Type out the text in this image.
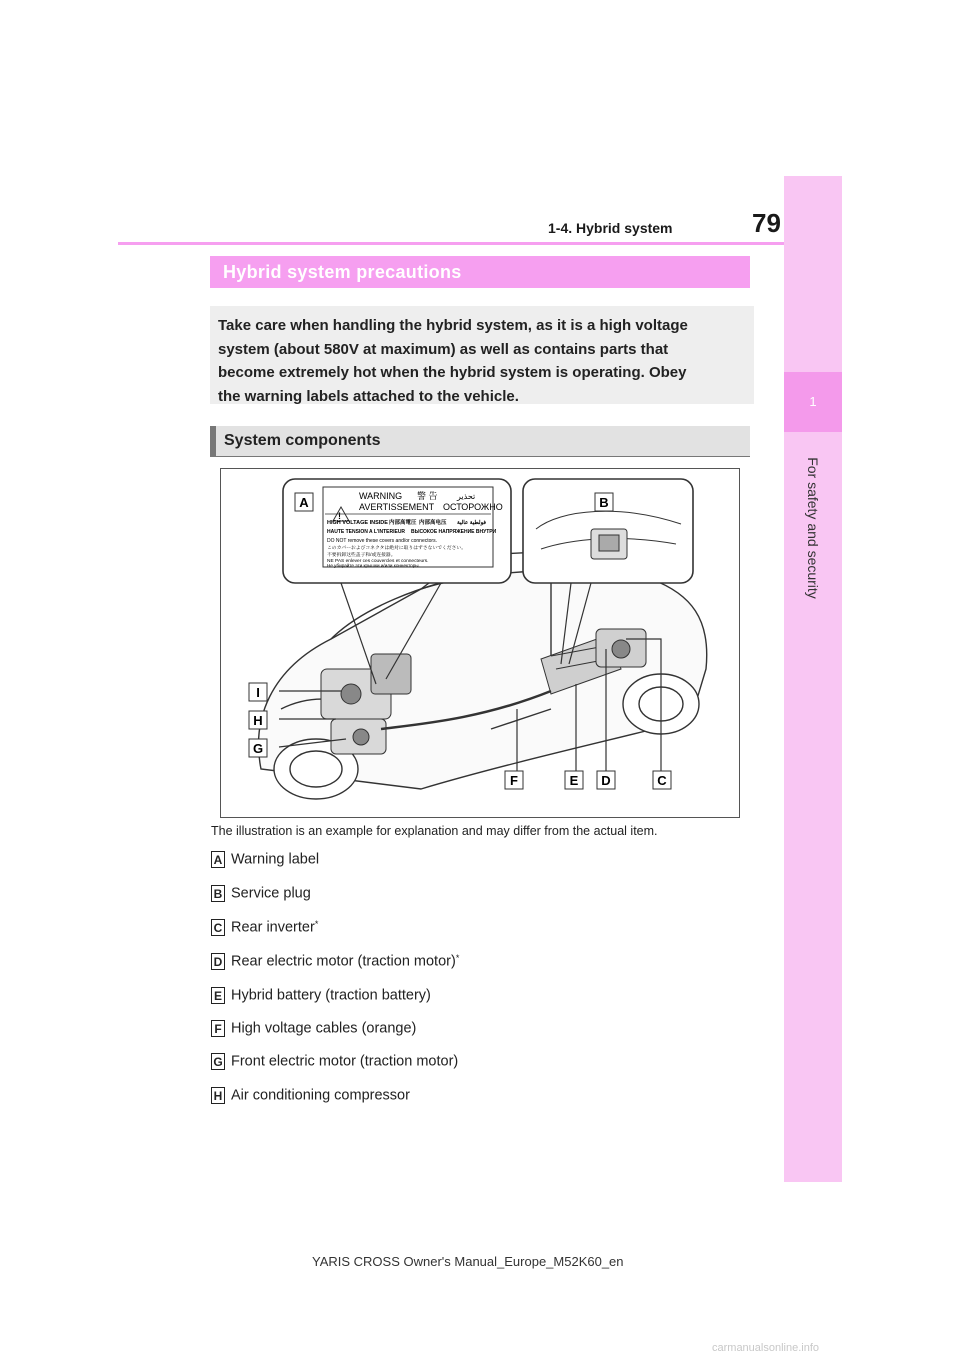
79
1-4. Hybrid system
1
For safety and security
Hybrid system precautions
Take care when handling the hybrid system, as it is a high voltage
system (about 580V at maximum) as well as contains parts that
become extremely hot when the hybrid system is operating. Obey
the warning labels attached to the vehicle.
System components
!
WARNING 警 告 تحذير
AVERTISSEMENT ОСТОРОЖНО
HIGH VOLTAGE INSIDE 内部高電圧 内部高电压 فولطية عالية
HAUTE TENSION A L'INTERIEUR ВЫСОКОЕ НАПРЯЖЕНИЕ ВНУТРИ
DO NOT remove these covers and/or connectors.
このカバーおよびコネクタは絶対に取りはずさないでください。
不要拆卸这些盖子和/或连接器。
NE PAS enlever ces couvercles et connecteurs.
Не убирайте эти крышки и/или коннекторы.
A	B
I
H
G
F	E D	C
The illustration is an example for explanation and may differ from the actual item.
A Warning label
B Service plug
C Rear inverter*
D Rear electric motor (traction motor)*
E Hybrid battery (traction battery)
F High voltage cables (orange)
G Front electric motor (traction motor)
H Air conditioning compressor
YARIS CROSS Owner's Manual_Europe_M52K60_en
carmanualsonline.info
